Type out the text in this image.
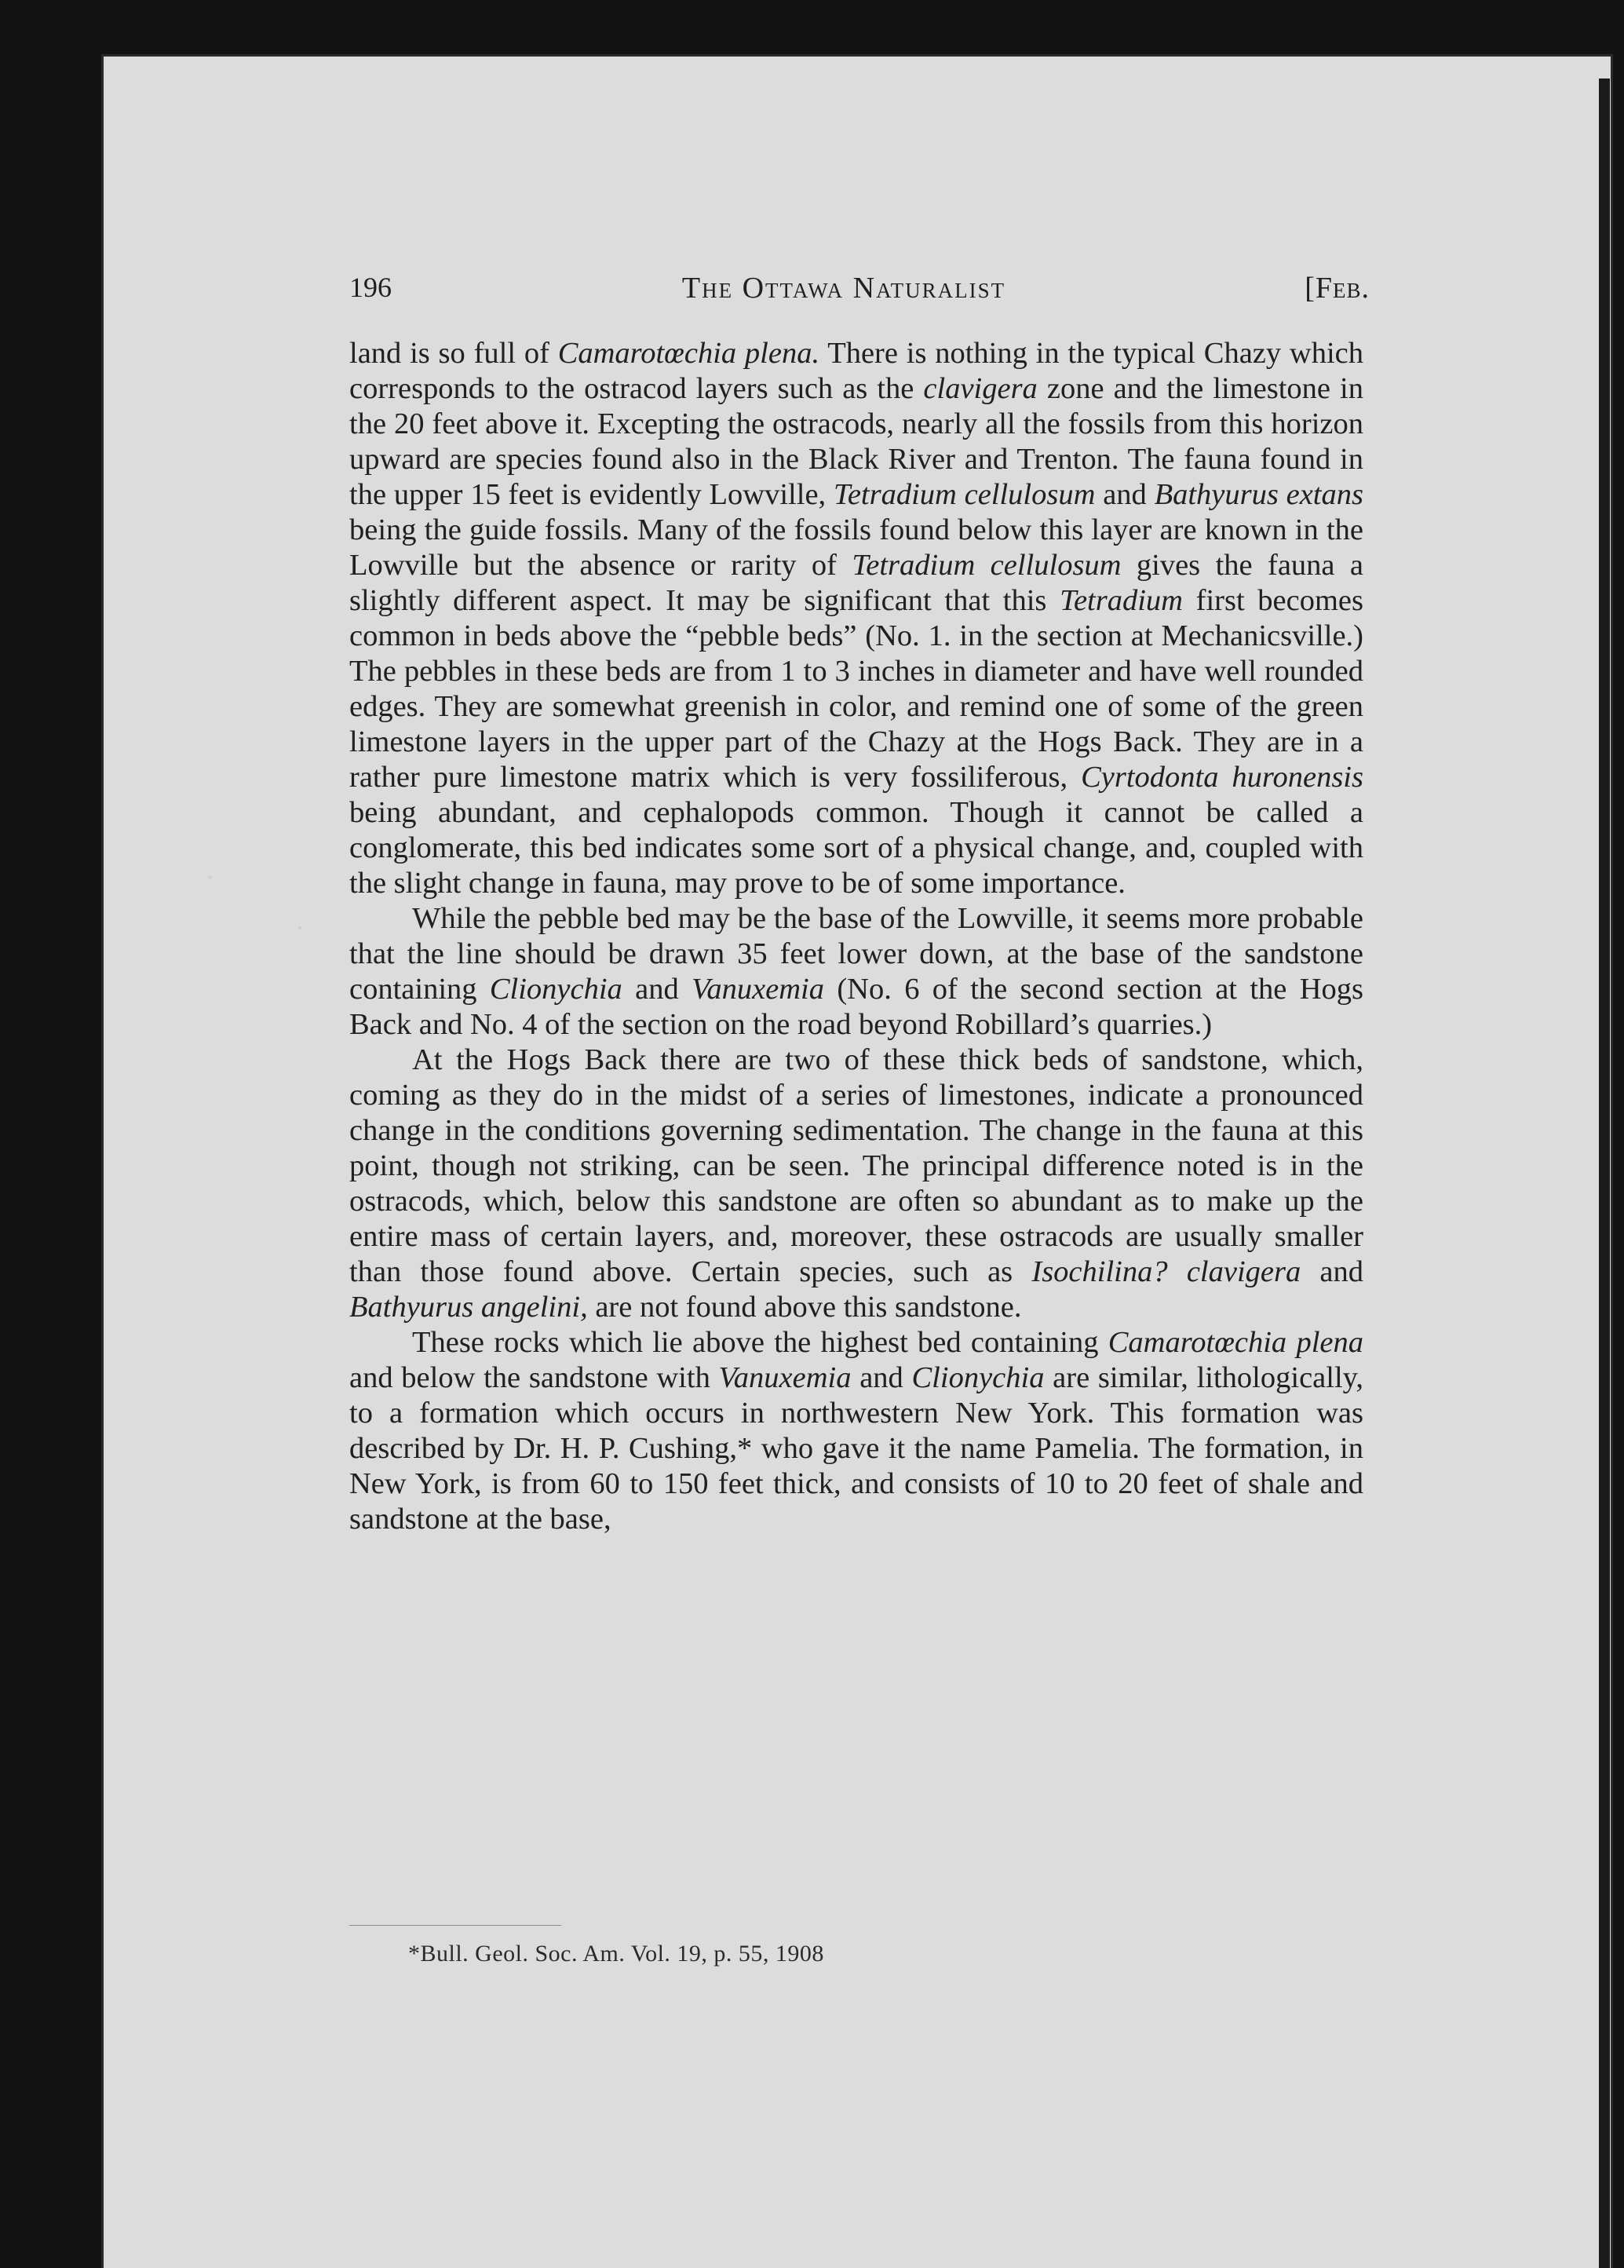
196	The Ottawa Naturalist	[Feb.

land is so full of Camarotœchia plena. There is nothing in the typical Chazy which corresponds to the ostracod layers such as the clavigera zone and the limestone in the 20 feet above it. Excepting the ostracods, nearly all the fossils from this horizon upward are species found also in the Black River and Trenton. The fauna found in the upper 15 feet is evidently Lowville, Tetradium cellulosum and Bathyurus extans being the guide fossils. Many of the fossils found below this layer are known in the Lowville but the absence or rarity of Tetradium cellulosum gives the fauna a slightly different aspect. It may be significant that this Tetradium first becomes common in beds above the “pebble beds” (No. 1. in the section at Mechanicsville.) The pebbles in these beds are from 1 to 3 inches in diameter and have well rounded edges. They are somewhat greenish in color, and remind one of some of the green limestone layers in the upper part of the Chazy at the Hogs Back. They are in a rather pure limestone matrix which is very fossiliferous, Cyrtodonta huronensis being abundant, and cephalopods common. Though it cannot be called a conglomerate, this bed indicates some sort of a physical change, and, coupled with the slight change in fauna, may prove to be of some importance.

While the pebble bed may be the base of the Lowville, it seems more probable that the line should be drawn 35 feet lower down, at the base of the sandstone containing Clionychia and Vanuxemia (No. 6 of the second section at the Hogs Back and No. 4 of the section on the road beyond Robillard’s quarries.)

At the Hogs Back there are two of these thick beds of sandstone, which, coming as they do in the midst of a series of limestones, indicate a pronounced change in the conditions governing sedimentation. The change in the fauna at this point, though not striking, can be seen. The principal difference noted is in the ostracods, which, below this sandstone are often so abundant as to make up the entire mass of certain layers, and, moreover, these ostracods are usually smaller than those found above. Certain species, such as Isochilina? clavigera and Bathyurus angelini, are not found above this sandstone.

These rocks which lie above the highest bed containing Camarotœchia plena and below the sandstone with Vanuxemia and Clionychia are similar, lithologically, to a formation which occurs in northwestern New York. This formation was described by Dr. H. P. Cushing,* who gave it the name Pamelia. The formation, in New York, is from 60 to 150 feet thick, and consists of 10 to 20 feet of shale and sandstone at the base,

*Bull. Geol. Soc. Am. Vol. 19, p. 55, 1908
